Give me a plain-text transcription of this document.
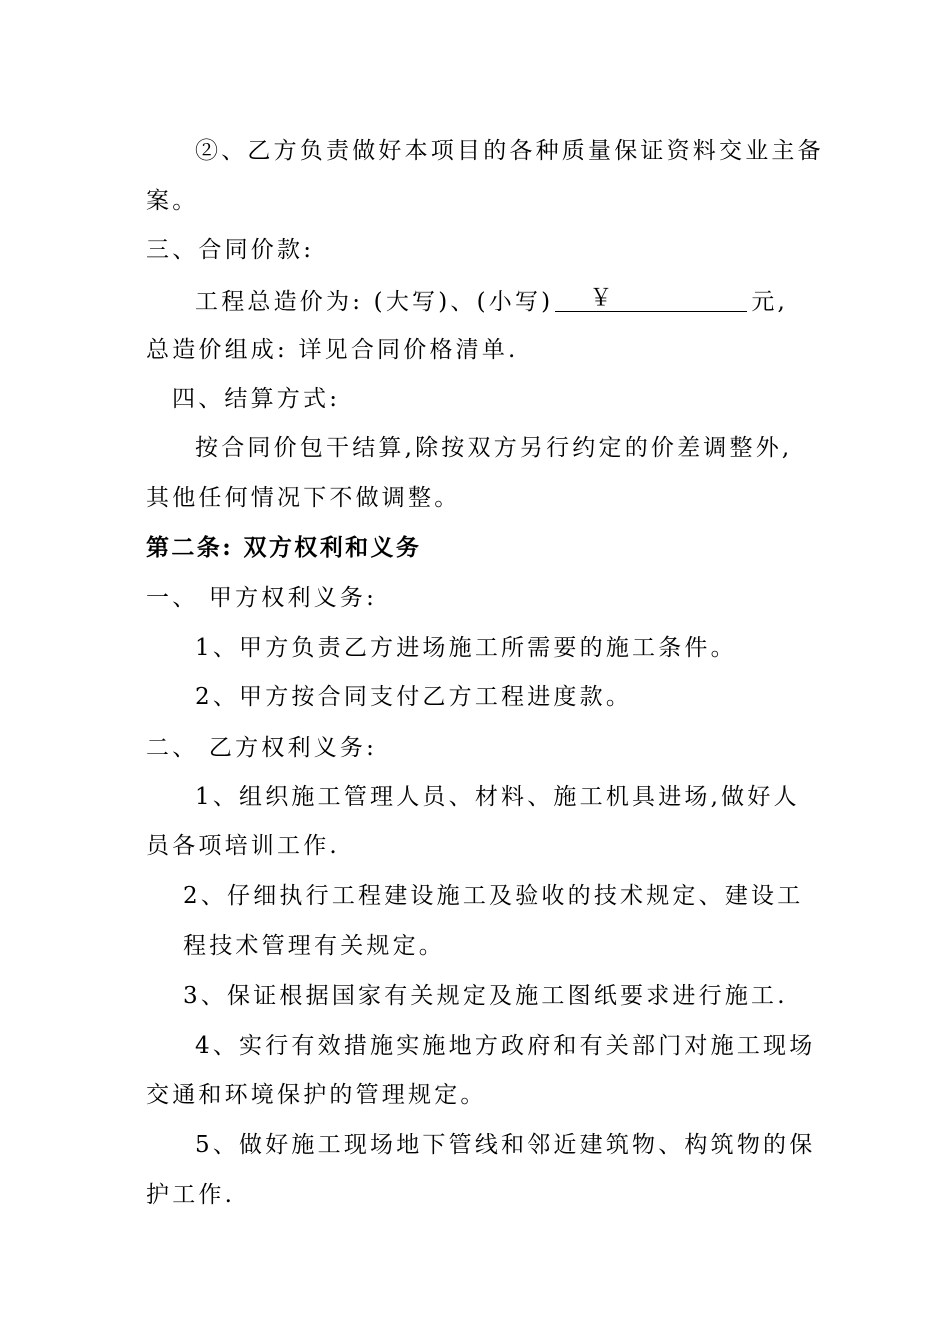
②、乙方负责做好本项目的各种质量保证资料交业主备
案。
三、合同价款:
工程总造价为: (大写)、(小写) ￥	元,
总造价组成: 详见合同价格清单.
四、结算方式:
按合同价包干结算,除按双方另行约定的价差调整外,
其他任何情况下不做调整。
第二条: 双方权利和义务
一、 甲方权利义务:
1、甲方负责乙方进场施工所需要的施工条件。
2、甲方按合同支付乙方工程进度款。
二、 乙方权利义务:
1、组织施工管理人员、材料、施工机具进场,做好人
员各项培训工作.
2、仔细执行工程建设施工及验收的技术规定、建设工
程技术管理有关规定。
3、保证根据国家有关规定及施工图纸要求进行施工.
4、实行有效措施实施地方政府和有关部门对施工现场
交通和环境保护的管理规定。
5、做好施工现场地下管线和邻近建筑物、构筑物的保
护工作.
